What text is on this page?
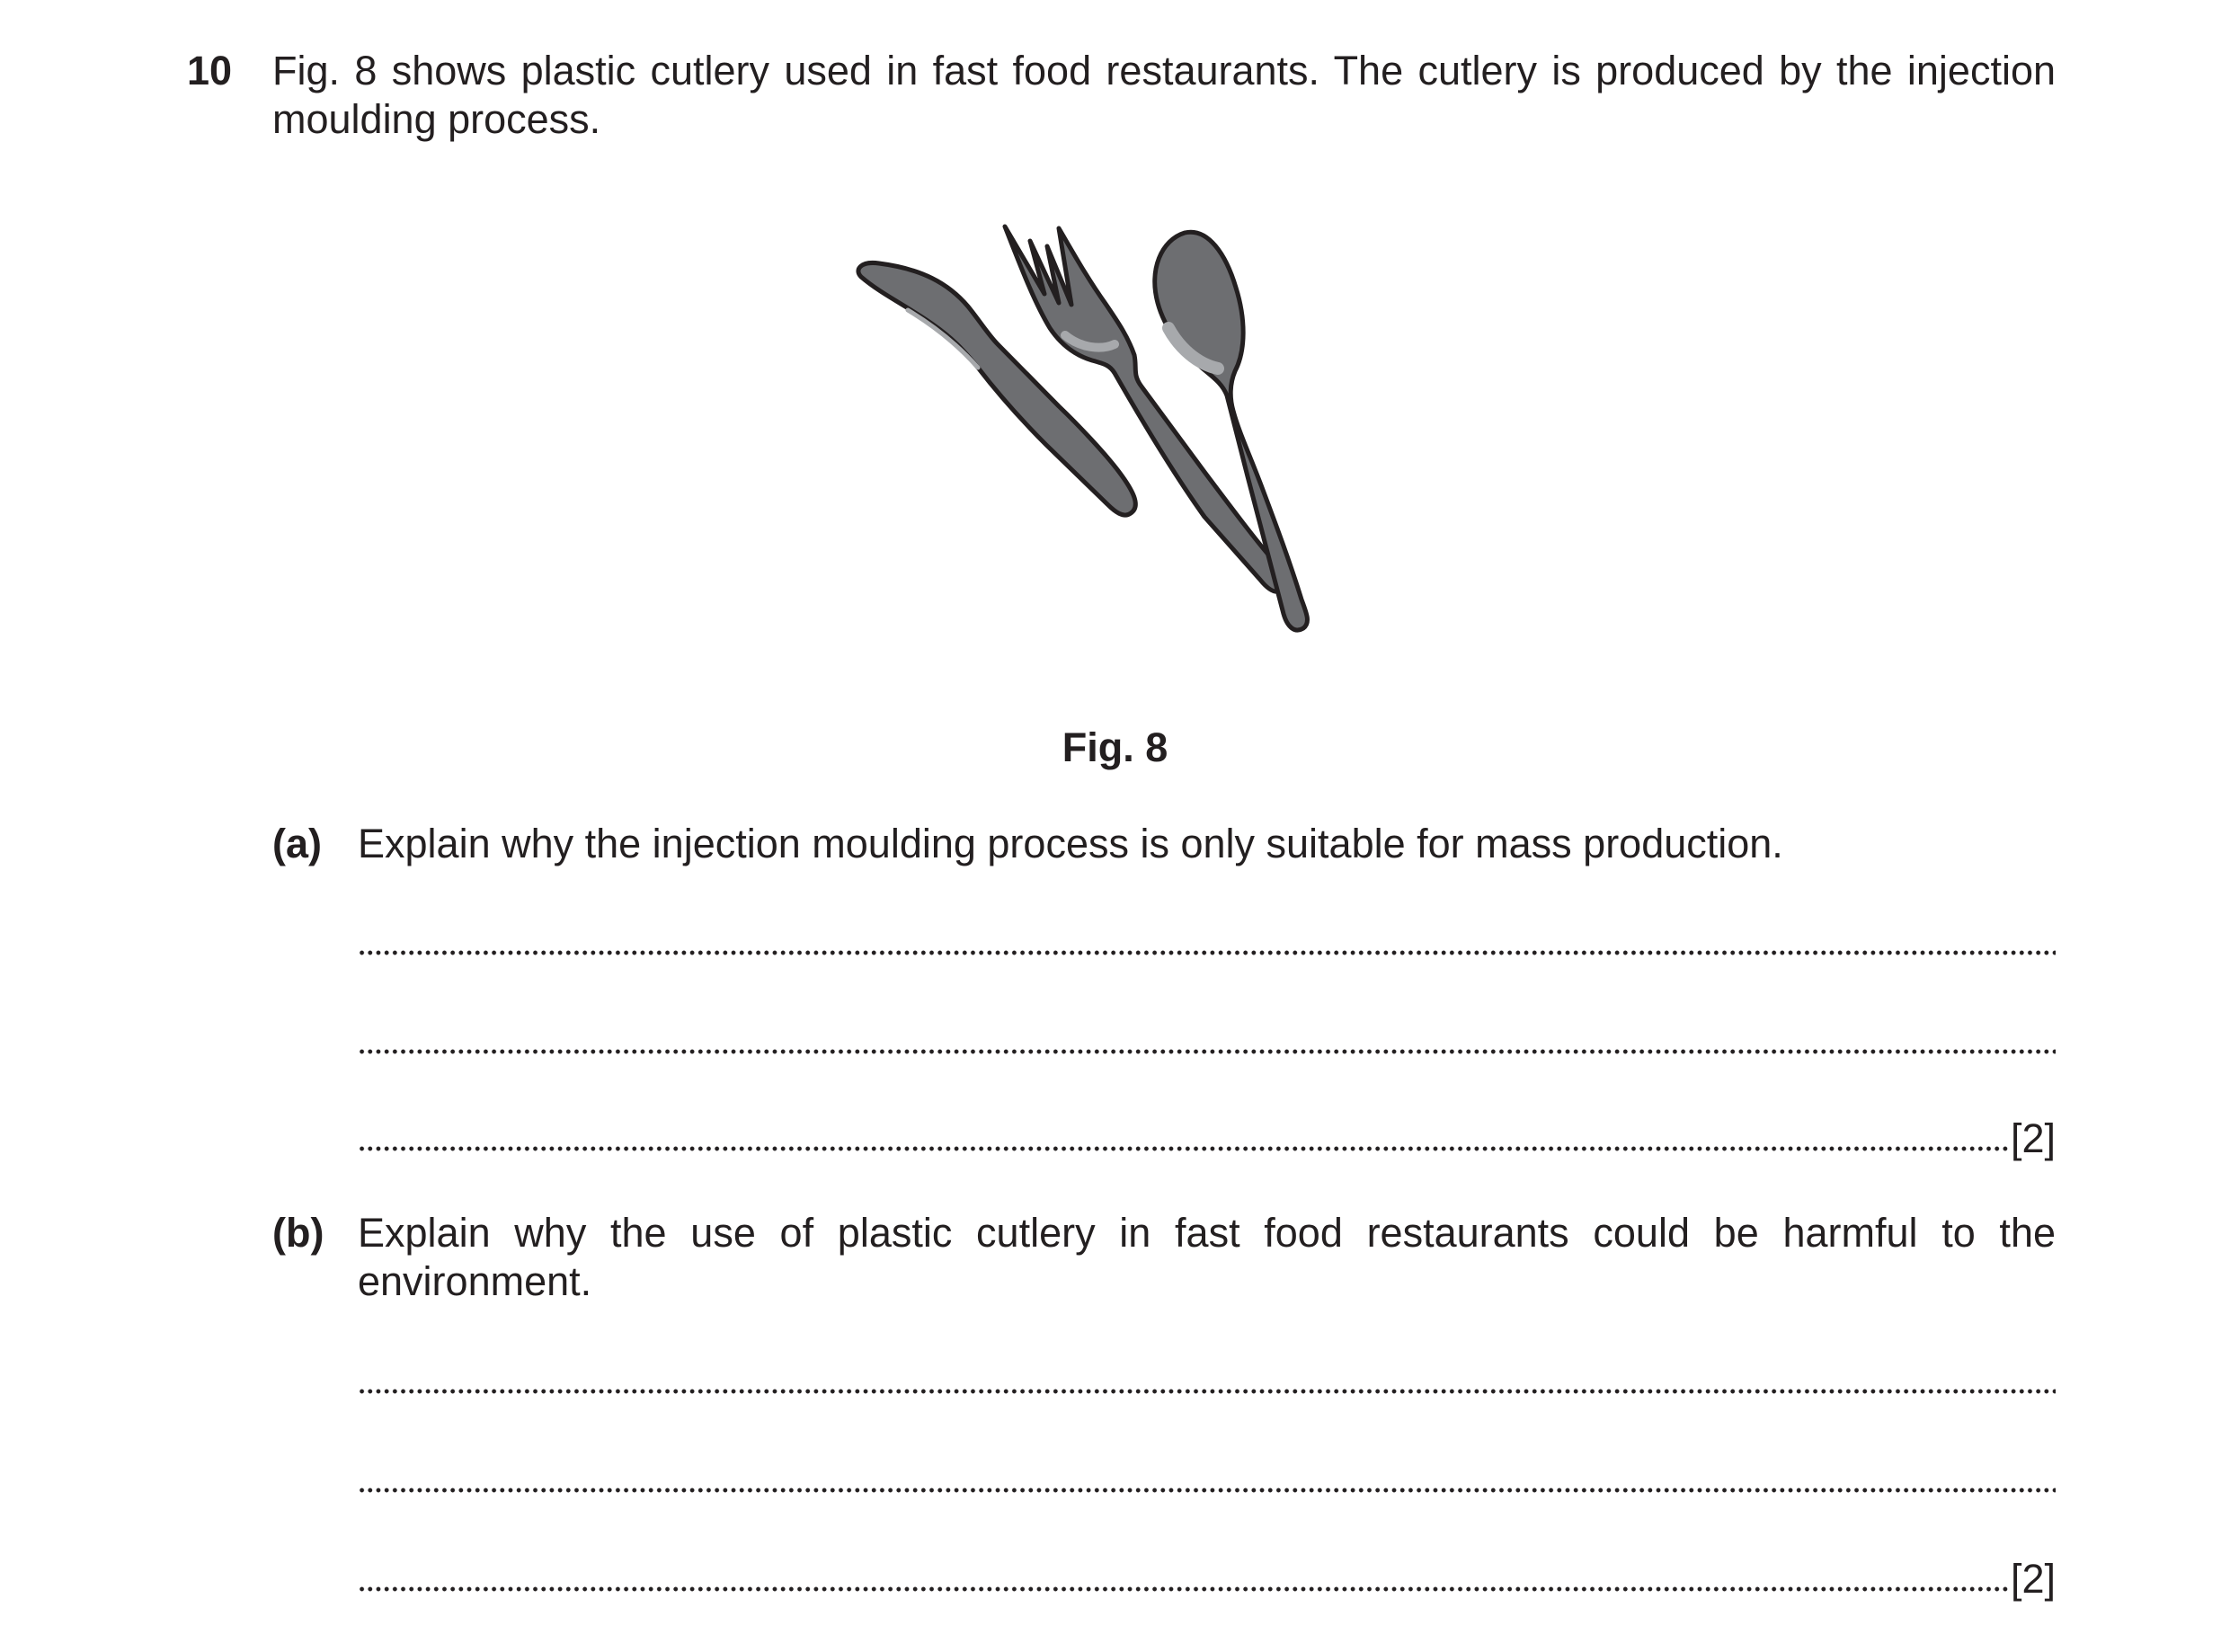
10 Fig. 8 shows plastic cutlery used in fast food restaurants. The cutlery is produced by the injection moulding process.
Fig. 8
(a) Explain why the injection moulding process is only suitable for mass production.
[2]
(b) Explain why the use of plastic cutlery in fast food restaurants could be harmful to the environment.
[2]
